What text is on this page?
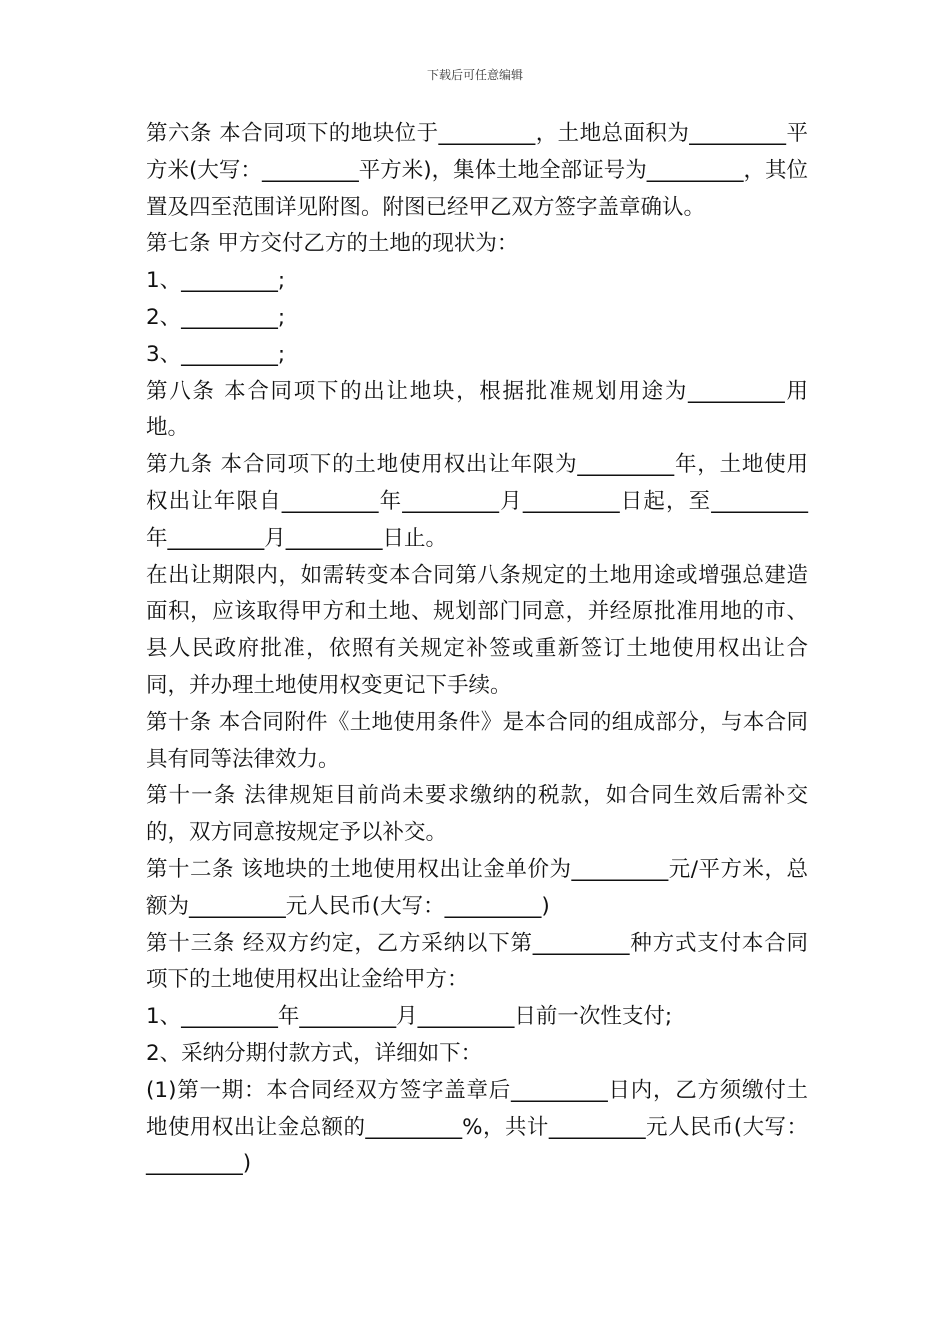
下载后可任意编辑

第六条 本合同项下的地块位于_________，土地总面积为_________平方米(大写：_________平方米)，集体土地全部证号为_________，其位置及四至范围详见附图。附图已经甲乙双方签字盖章确认。

第七条 甲方交付乙方的土地的现状为：

1、_________;

2、_________;

3、_________;

第八条 本合同项下的出让地块，根据批准规划用途为_________用地。

第九条 本合同项下的土地使用权出让年限为_________年，土地使用权出让年限自_________年_________月_________日起，至_________年_________月_________日止。

在出让期限内，如需转变本合同第八条规定的土地用途或增强总建造面积，应该取得甲方和土地、规划部门同意，并经原批准用地的市、县人民政府批准，依照有关规定补签或重新签订土地使用权出让合同，并办理土地使用权变更记下手续。

第十条 本合同附件《土地使用条件》是本合同的组成部分，与本合同具有同等法律效力。

第十一条 法律规矩目前尚未要求缴纳的税款，如合同生效后需补交的，双方同意按规定予以补交。

第十二条 该地块的土地使用权出让金单价为_________元/平方米，总额为_________元人民币(大写：_________)

第十三条 经双方约定，乙方采纳以下第_________种方式支付本合同项下的土地使用权出让金给甲方：

1、_________年_________月_________日前一次性支付;

2、采纳分期付款方式，详细如下：

(1)第一期：本合同经双方签字盖章后_________日内，乙方须缴付土地使用权出让金总额的_________%，共计_________元人民币(大写：_________)
